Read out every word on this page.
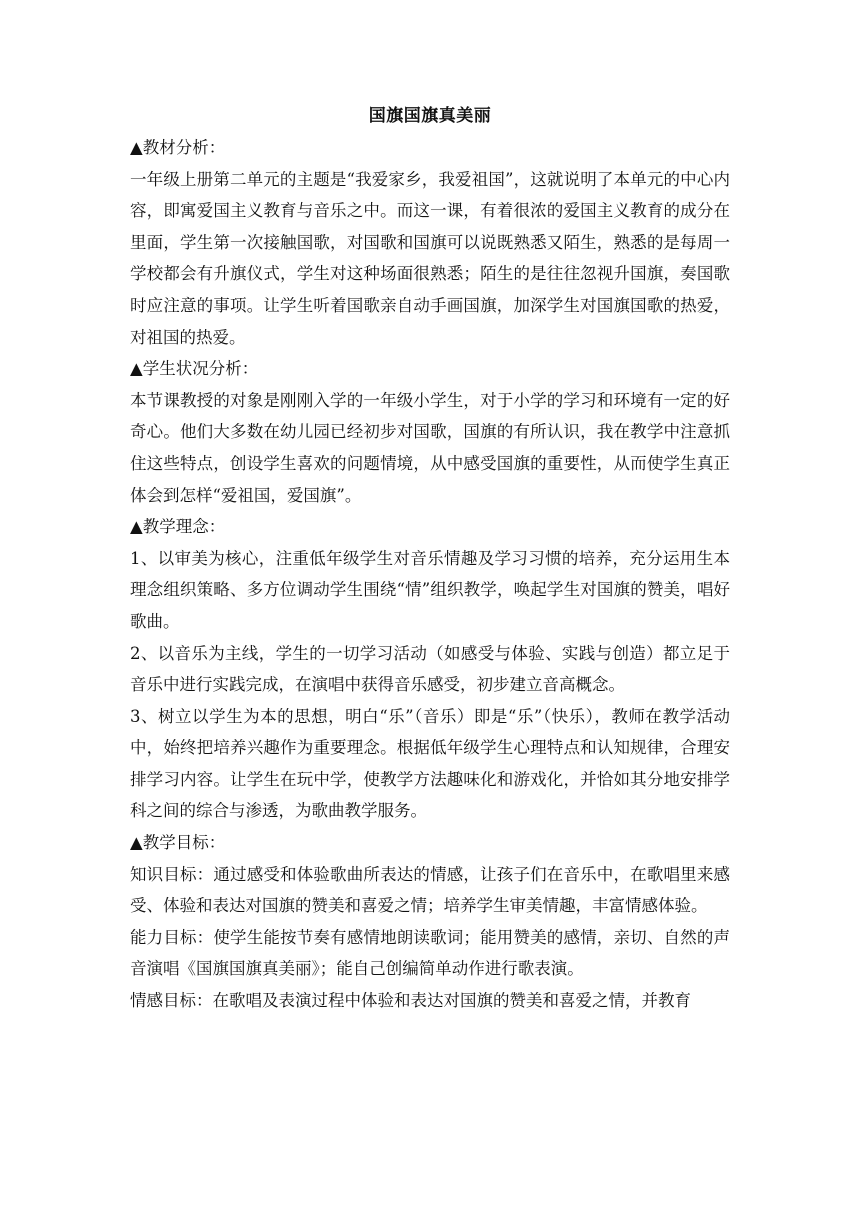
国旗国旗真美丽

▲教材分析：

一年级上册第二单元的主题是“我爱家乡，我爱祖国”，这就说明了本单元的中心内容，即寓爱国主义教育与音乐之中。而这一课，有着很浓的爱国主义教育的成分在里面，学生第一次接触国歌，对国歌和国旗可以说既熟悉又陌生，熟悉的是每周一学校都会有升旗仪式，学生对这种场面很熟悉；陌生的是往往忽视升国旗，奏国歌时应注意的事项。让学生听着国歌亲自动手画国旗，加深学生对国旗国歌的热爱，对祖国的热爱。

▲学生状况分析：

本节课教授的对象是刚刚入学的一年级小学生，对于小学的学习和环境有一定的好奇心。他们大多数在幼儿园已经初步对国歌，国旗的有所认识，我在教学中注意抓住这些特点，创设学生喜欢的问题情境，从中感受国旗的重要性，从而使学生真正体会到怎样“爱祖国，爱国旗”。

▲教学理念：

1、以审美为核心，注重低年级学生对音乐情趣及学习习惯的培养，充分运用生本理念组织策略、多方位调动学生围绕“情”组织教学，唤起学生对国旗的赞美，唱好歌曲。

2、以音乐为主线，学生的一切学习活动（如感受与体验、实践与创造）都立足于音乐中进行实践完成，在演唱中获得音乐感受，初步建立音高概念。

3、树立以学生为本的思想，明白“乐”（音乐）即是“乐”（快乐），教师在教学活动中，始终把培养兴趣作为重要理念。根据低年级学生心理特点和认知规律，合理安排学习内容。让学生在玩中学，使教学方法趣味化和游戏化，并恰如其分地安排学科之间的综合与渗透，为歌曲教学服务。

▲教学目标：

知识目标：通过感受和体验歌曲所表达的情感，让孩子们在音乐中，在歌唱里来感受、体验和表达对国旗的赞美和喜爱之情；培养学生审美情趣，丰富情感体验。

能力目标：使学生能按节奏有感情地朗读歌词；能用赞美的感情，亲切、自然的声音演唱《国旗国旗真美丽》；能自己创编简单动作进行歌表演。

情感目标：在歌唱及表演过程中体验和表达对国旗的赞美和喜爱之情，并教育
